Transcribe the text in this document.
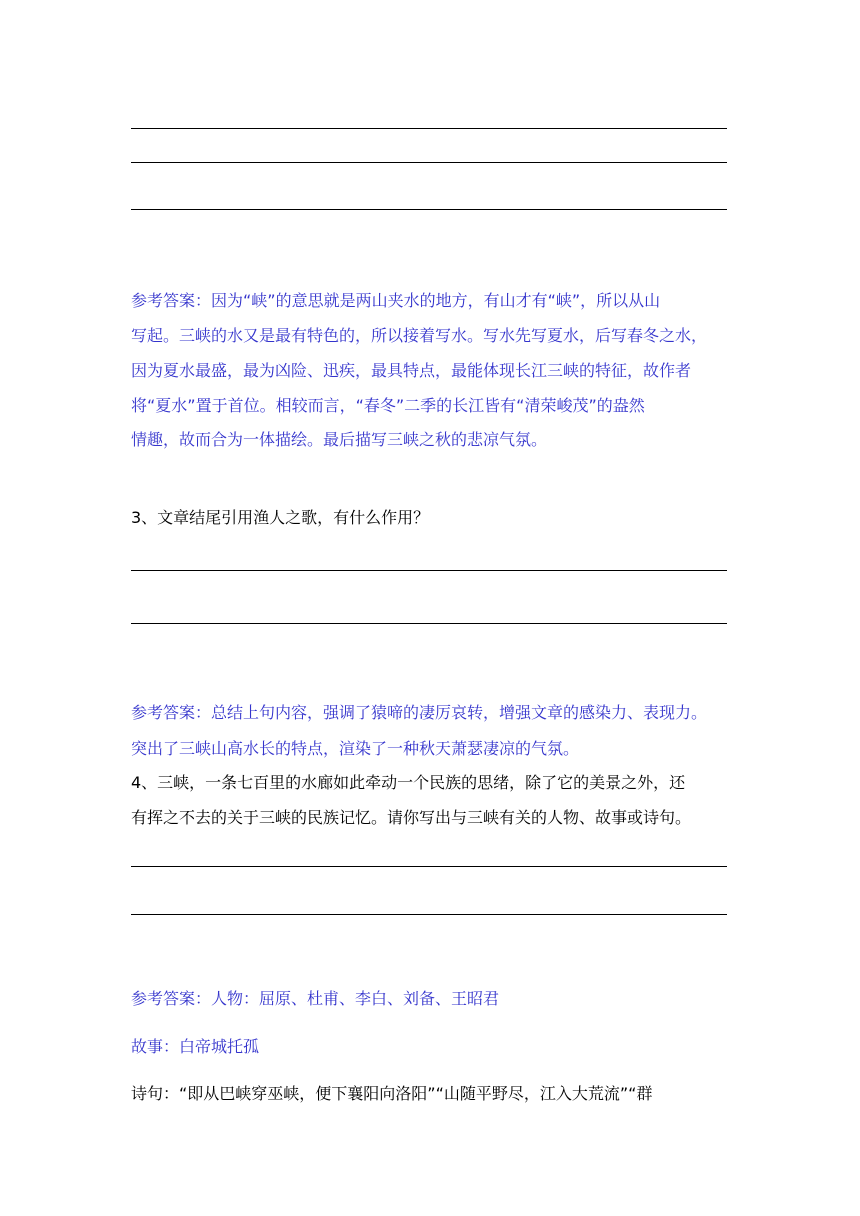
参考答案：因为“峡”的意思就是两山夹水的地方，有山才有“峡”，所以从山
写起。三峡的水又是最有特色的，所以接着写水。写水先写夏水，后写春冬之水，
因为夏水最盛，最为凶险、迅疾，最具特点，最能体现长江三峡的特征，故作者
将“夏水”置于首位。相较而言，“春冬”二季的长江皆有“清荣峻茂”的盎然
情趣，故而合为一体描绘。最后描写三峡之秋的悲凉气氛。
3、文章结尾引用渔人之歌，有什么作用？
参考答案：总结上句内容，强调了猿啼的凄厉哀转，增强文章的感染力、表现力。
突出了三峡山高水长的特点，渲染了一种秋天萧瑟凄凉的气氛。
4、三峡，一条七百里的水廊如此牵动一个民族的思绪，除了它的美景之外，还
有挥之不去的关于三峡的民族记忆。请你写出与三峡有关的人物、故事或诗句。
参考答案：人物：屈原、杜甫、李白、刘备、王昭君
故事：白帝城托孤
诗句：“即从巴峡穿巫峡，便下襄阳向洛阳”“山随平野尽，江入大荒流”“群
